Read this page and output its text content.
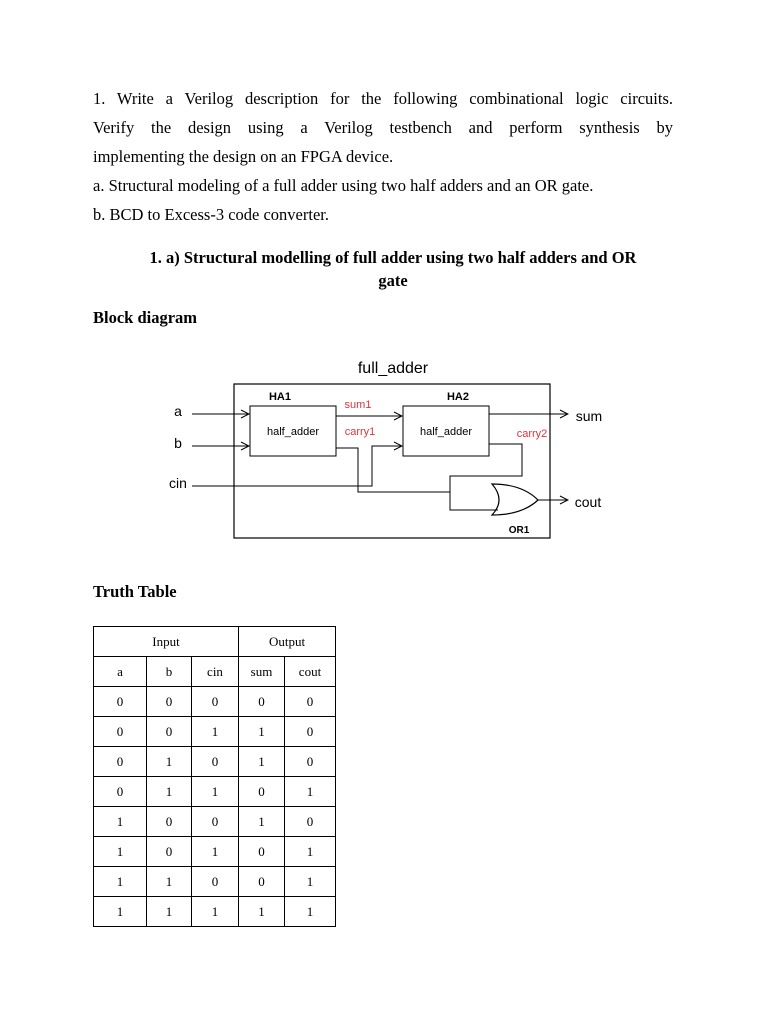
1. Write a Verilog description for the following combinational logic circuits.
Verify the design using a Verilog testbench and perform synthesis by
implementing the design on an FPGA device.
a. Structural modeling of a full adder using two half adders and an OR gate.
b. BCD to Excess-3 code converter.
1. a) Structural modelling of full adder using two half adders and OR
gate
Block diagram
full_adder
HA1
half_adder
HA2
half_adder
a
b
cin
sum1
carry1
sum
carry2
cout
OR1
Truth Table
Input			Output	
a	b	cin	sum	cout
0	0	0	0	0
0	0	1	1	0
0	1	0	1	0
0	1	1	0	1
1	0	0	1	0
1	0	1	0	1
1	1	0	0	1
1	1	1	1	1
